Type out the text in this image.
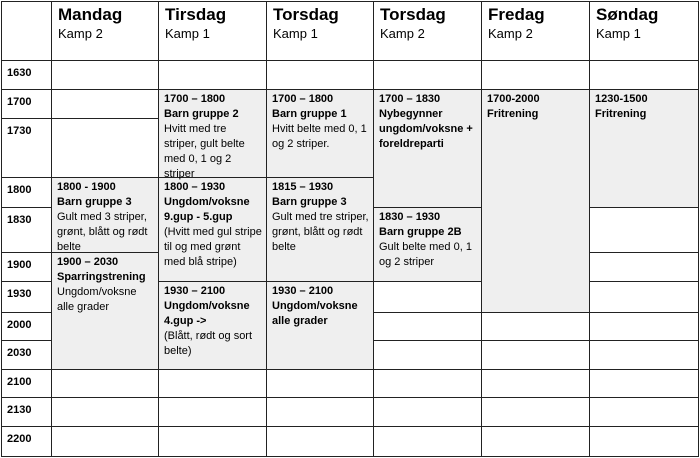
Mandag
Kamp 2
Tirsdag
Kamp 1
Torsdag
Kamp 1
Torsdag
Kamp 2
Fredag
Kamp 2
Søndag
Kamp 1
1630
1700
1730
1800
1830
1900
1930
2000
2030
2100
2130
2200
1800 - 1900
Barn gruppe 3
Gult med 3 striper, grønt, blått og rødt belte
1900 – 2030
Sparringstrening
Ungdom/voksne alle grader
1700 – 1800
Barn gruppe 2
Hvitt med tre striper, gult belte med 0, 1 og 2 striper
1800 – 1930
Ungdom/voksne 9.gup - 5.gup
(Hvitt med gul stripe til og med grønt med blå stripe)
1930 – 2100
Ungdom/voksne 4.gup ->
(Blått, rødt og sort belte)
1700 – 1800
Barn gruppe 1
Hvitt belte med 0, 1 og 2 striper.
1815 – 1930
Barn gruppe 3
Gult med tre striper, grønt, blått og rødt belte
1930 – 2100
Ungdom/voksne alle grader
1700 – 1830
Nybegynner ungdom/voksne + foreldreparti
1830 – 1930
Barn gruppe 2B
Gult belte med 0, 1 og 2 striper
1700-2000
Fritrening
1230-1500
Fritrening
